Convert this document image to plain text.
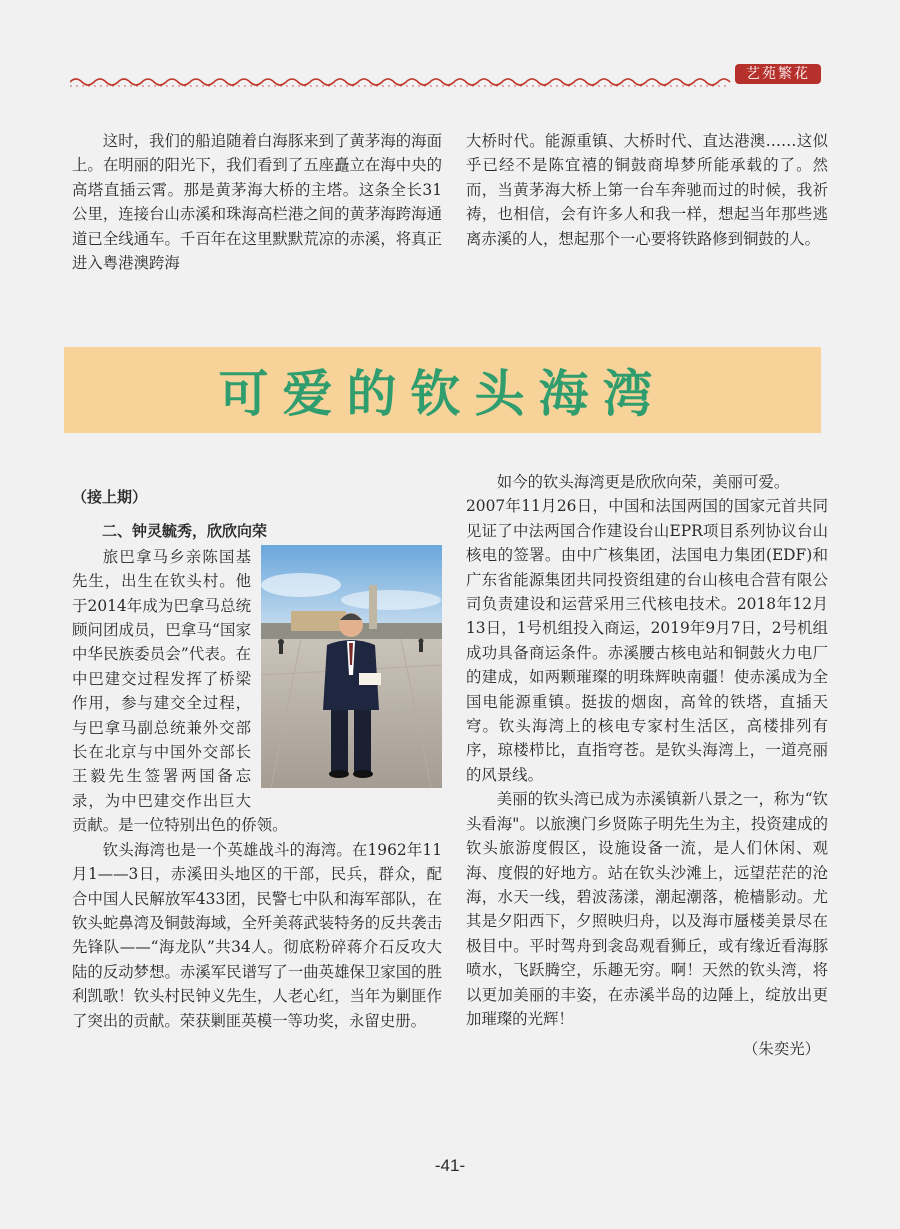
艺苑繁花

这时，我们的船追随着白海豚来到了黄茅海的海面上。在明丽的阳光下，我们看到了五座矗立在海中央的高塔直插云霄。那是黄茅海大桥的主塔。这条全长31公里，连接台山赤溪和珠海高栏港之间的黄茅海跨海通道已全线通车。千百年在这里默默荒凉的赤溪，将真正进入粤港澳跨海

大桥时代。能源重镇、大桥时代、直达港澳……这似乎已经不是陈宜禧的铜鼓商埠梦所能承载的了。然而，当黄茅海大桥上第一台车奔驰而过的时候，我祈祷，也相信，会有许多人和我一样，想起当年那些逃离赤溪的人，想起那个一心要将铁路修到铜鼓的人。

可爱的钦头海湾

（接上期）

二、钟灵毓秀，欣欣向荣

旅巴拿马乡亲陈国基先生，出生在钦头村。他于2014年成为巴拿马总统顾问团成员，巴拿马“国家中华民族委员会”代表。在中巴建交过程发挥了桥梁作用，参与建交全过程，与巴拿马副总统兼外交部长在北京与中国外交部长王毅先生签署两国备忘录，为中巴建交作出巨大贡献。是一位特别出色的侨领。

钦头海湾也是一个英雄战斗的海湾。在1962年11月1——3日，赤溪田头地区的干部，民兵，群众，配合中国人民解放军433团，民警七中队和海军部队，在钦头蛇鼻湾及铜鼓海域，全歼美蒋武装特务的反共袭击先锋队——“海龙队”共34人。彻底粉碎蒋介石反攻大陆的反动梦想。赤溪军民谱写了一曲英雄保卫家国的胜利凯歌！钦头村民钟义先生，人老心红，当年为剿匪作了突出的贡献。荣获剿匪英模一等功奖，永留史册。

如今的钦头海湾更是欣欣向荣，美丽可爱。

2007年11月26日，中国和法国两国的国家元首共同见证了中法两国合作建设台山EPR项目系列协议台山核电的签署。由中广核集团，法国电力集团(EDF)和广东省能源集团共同投资组建的台山核电合营有限公司负责建设和运营采用三代核电技术。2018年12月13日，1号机组投入商运，2019年9月7日，2号机组成功具备商运条件。赤溪腰古核电站和铜鼓火力电厂的建成，如两颗璀璨的明珠辉映南疆！使赤溪成为全国电能源重镇。挺拔的烟囱，高耸的铁塔，直插天穹。钦头海湾上的核电专家村生活区，高楼排列有序，琼楼栉比，直指穹苍。是钦头海湾上，一道亮丽的风景线。

美丽的钦头湾已成为赤溪镇新八景之一，称为“钦头看海"。以旅澳门乡贤陈子明先生为主，投资建成的钦头旅游度假区，设施设备一流，是人们休闲、观海、度假的好地方。站在钦头沙滩上，远望茫茫的沧海，水天一线，碧波荡漾，潮起潮落，桅樯影动。尤其是夕阳西下，夕照映归舟，以及海市蜃楼美景尽在极目中。平时驾舟到衾岛观看狮丘，或有缘近看海豚喷水，飞跃腾空，乐趣无穷。啊！天然的钦头湾，将以更加美丽的丰姿，在赤溪半岛的边陲上，绽放出更加璀璨的光辉！

（朱奕光）

-41-
